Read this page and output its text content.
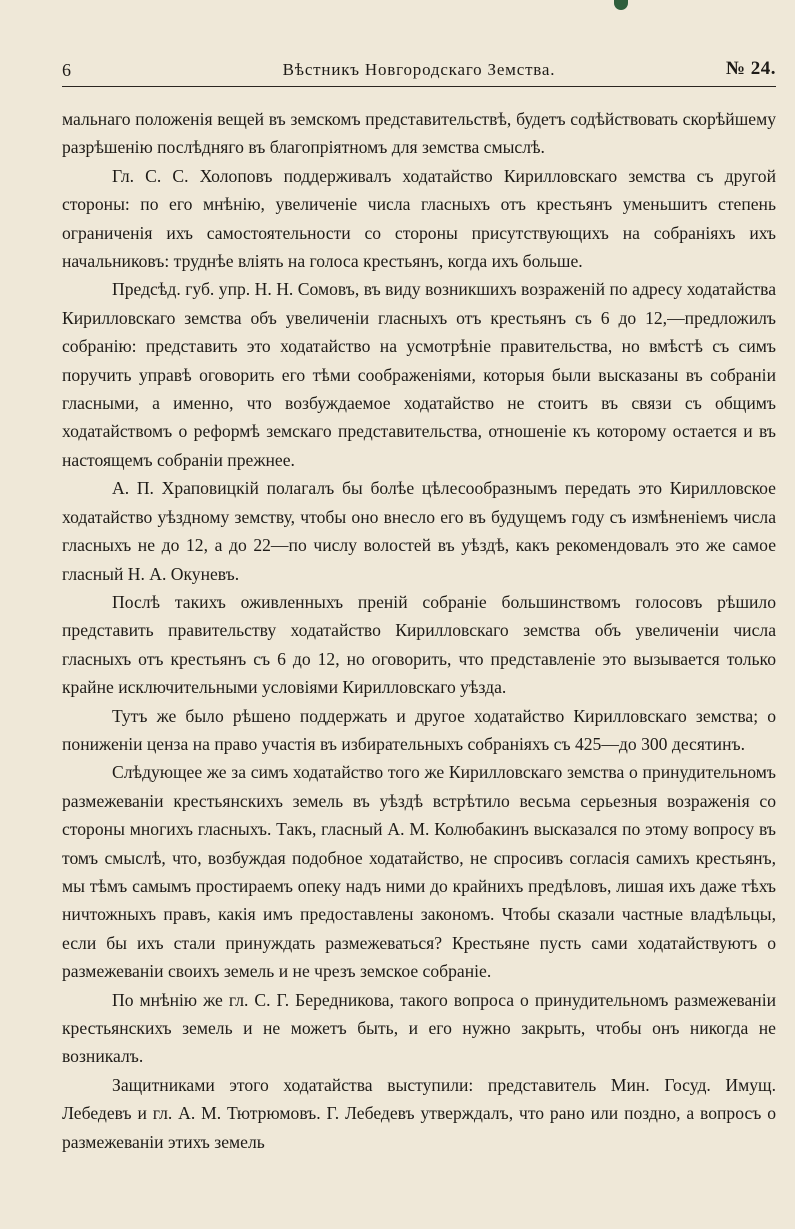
6	Вѣстникъ Новгородскаго Земства.	№ 24.

мальнаго положенія вещей въ земскомъ представительствѣ, будетъ содѣйствовать скорѣйшему разрѣшенію послѣдняго въ благопріятномъ для земства смыслѣ.

Гл. С. С. Холоповъ поддерживалъ ходатайство Кирилловскаго земства съ другой стороны: по его мнѣнію, увеличеніе числа гласныхъ отъ крестьянъ уменьшитъ степень ограниченія ихъ самостоятельности со стороны присутствующихъ на собраніяхъ ихъ начальниковъ: труднѣе вліять на голоса крестьянъ, когда ихъ больше.

Предсѣд. губ. упр. Н. Н. Сомовъ, въ виду возникшихъ возраженій по адресу ходатайства Кирилловскаго земства объ увеличеніи гласныхъ отъ крестьянъ съ 6 до 12,—предложилъ собранію: представить это ходатайство на усмотрѣніе правительства, но вмѣстѣ съ симъ поручить управѣ оговорить его тѣми соображеніями, которыя были высказаны въ собраніи гласными, а именно, что возбуждаемое ходатайство не стоитъ въ связи съ общимъ ходатайствомъ о реформѣ земскаго представительства, отношеніе къ которому остается и въ настоящемъ собраніи прежнее.

А. П. Храповицкій полагалъ бы болѣе цѣлесообразнымъ передать это Кирилловское ходатайство уѣздному земству, чтобы оно внесло его въ будущемъ году съ измѣненіемъ числа гласныхъ не до 12, а до 22—по числу волостей въ уѣздѣ, какъ рекомендовалъ это же самое гласный Н. А. Окуневъ.

Послѣ такихъ оживленныхъ преній собраніе большинствомъ голосовъ рѣшило представить правительству ходатайство Кирилловскаго земства объ увеличеніи числа гласныхъ отъ крестьянъ съ 6 до 12, но оговорить, что представленіе это вызывается только крайне исключительными условіями Кирилловскаго уѣзда.

Тутъ же было рѣшено поддержать и другое ходатайство Кирилловскаго земства; о пониженіи ценза на право участія въ избирательныхъ собраніяхъ съ 425—до 300 десятинъ.

Слѣдующее же за симъ ходатайство того же Кирилловскаго земства о принудительномъ размежеваніи крестьянскихъ земель въ уѣздѣ встрѣтило весьма серьезныя возраженія со стороны многихъ гласныхъ. Такъ, гласный А. М. Колюбакинъ высказался по этому вопросу въ томъ смыслѣ, что, возбуждая подобное ходатайство, не спросивъ согласія самихъ крестьянъ, мы тѣмъ самымъ простираемъ опеку надъ ними до крайнихъ предѣловъ, лишая ихъ даже тѣхъ ничтожныхъ правъ, какія имъ предоставлены закономъ. Чтобы сказали частные владѣльцы, если бы ихъ стали принуждать размежеваться? Крестьяне пусть сами ходатайствуютъ о размежеваніи своихъ земель и не чрезъ земское собраніе.

По мнѣнію же гл. С. Г. Бередникова, такого вопроса о принудительномъ размежеваніи крестьянскихъ земель и не можетъ быть, и его нужно закрыть, чтобы онъ никогда не возникалъ.

Защитниками этого ходатайства выступили: представитель Мин. Госуд. Имущ. Лебедевъ и гл. А. М. Тютрюмовъ. Г. Лебедевъ утверждалъ, что рано или поздно, а вопросъ о размежеваніи этихъ земель
